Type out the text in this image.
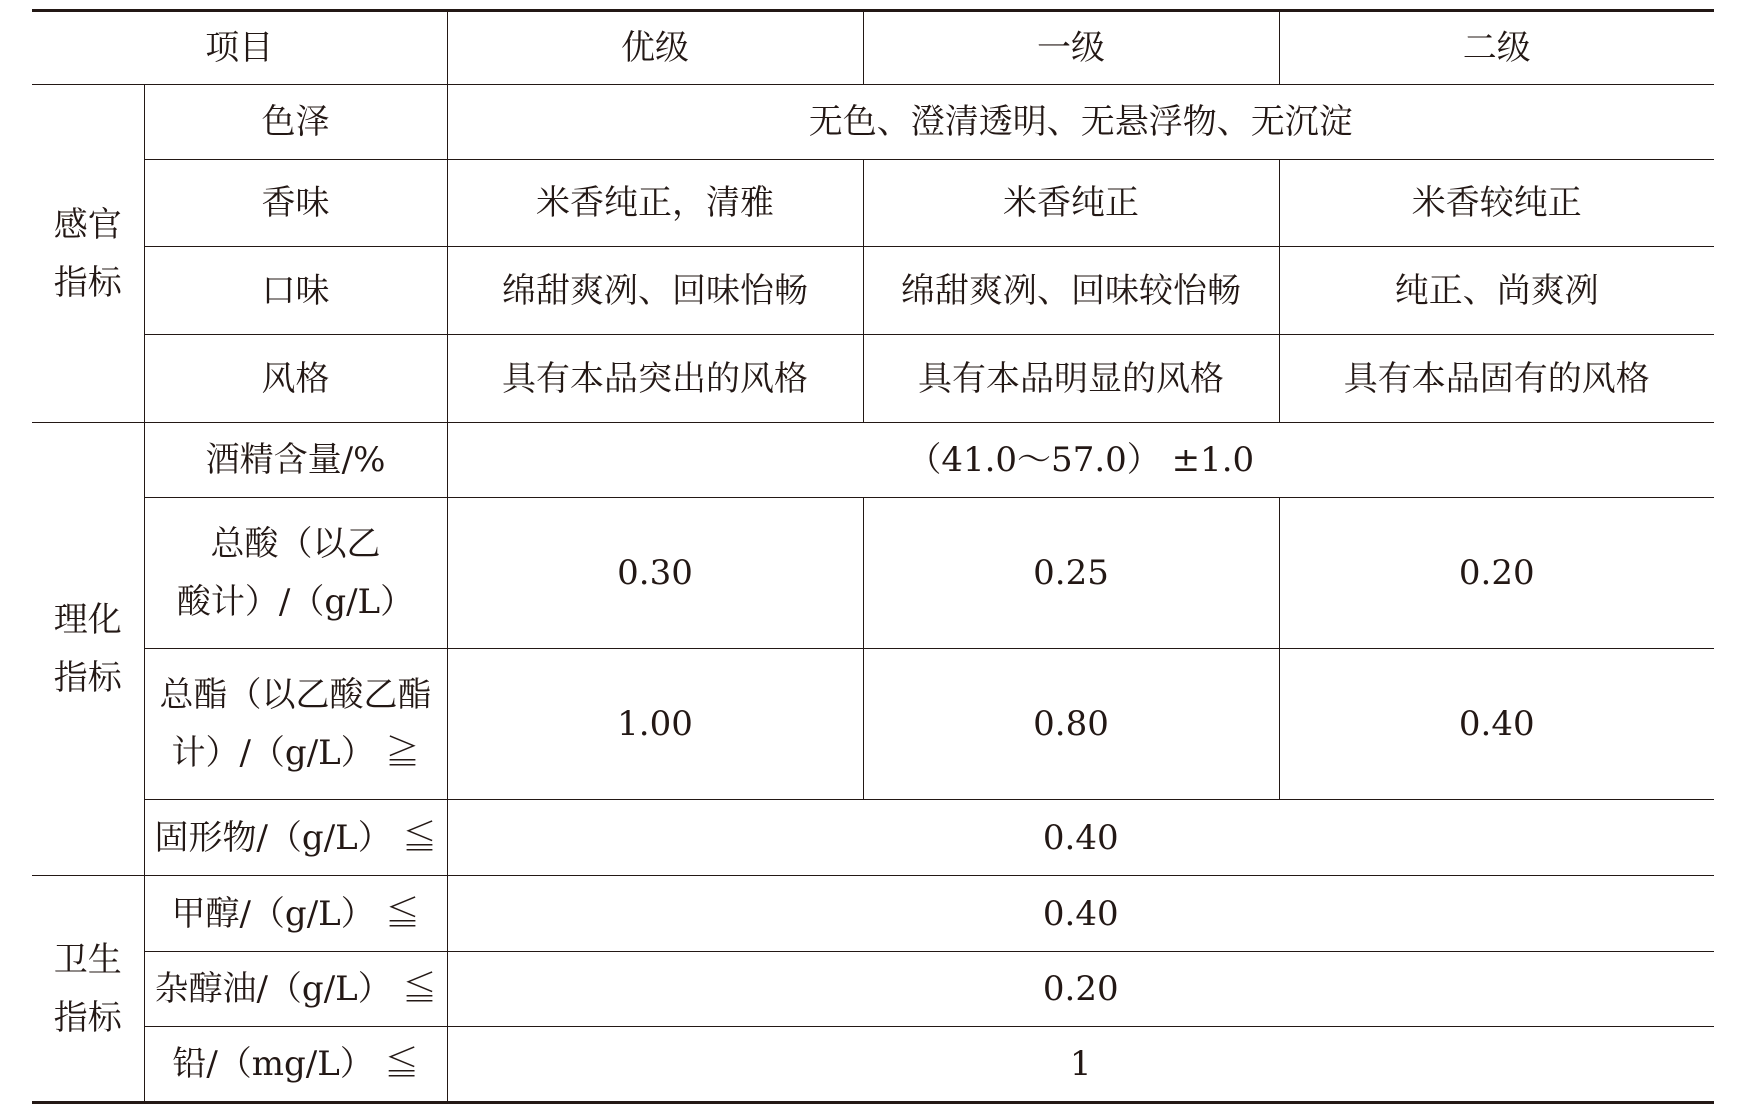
项目		优级	一级	二级
感官
指标	色泽	无色、澄清透明、无悬浮物、无沉淀		
	香味	米香纯正，清雅	米香纯正	米香较纯正
	口味	绵甜爽冽、回味怡畅	绵甜爽冽、回味较怡畅	纯正、尚爽冽
	风格	具有本品突出的风格	具有本品明显的风格	具有本品固有的风格
理化
指标	酒精含量/%	（41.0～57.0） ±1.0		
	总酸（以乙
酸计）/（g/L）	0.30	0.25	0.20
	总酯（以乙酸乙酯
计）/（g/L） ≧	1.00	0.80	0.40
	固形物/（g/L） ≦	0.40		
卫生
指标	甲醇/（g/L） ≦	0.40		
	杂醇油/（g/L） ≦	0.20		
	铅/（mg/L） ≦	1		
